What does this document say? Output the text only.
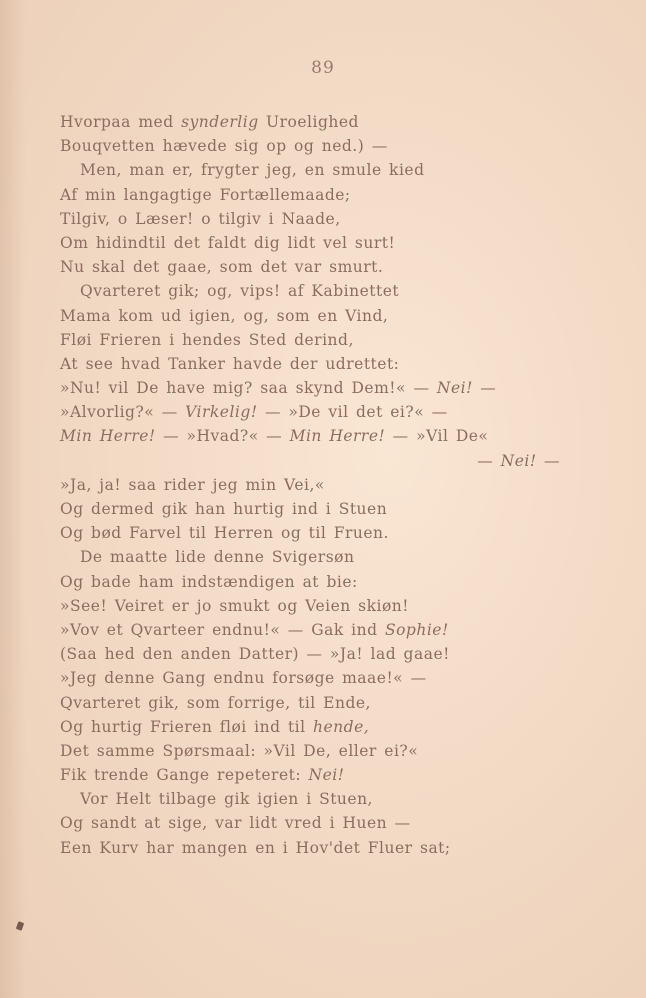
89
Hvorpaa med synderlig Uroelighed
Bouqvetten hævede sig op og ned.) —
Men, man er, frygter jeg, en smule kied
Af min langagtige Fortællemaade;
Tilgiv, o Læser! o tilgiv i Naade,
Om hidindtil det faldt dig lidt vel surt!
Nu skal det gaae, som det var smurt.
Qvarteret gik; og, vips! af Kabinettet
Mama kom ud igien, og, som en Vind,
Fløi Frieren i hendes Sted derind,
At see hvad Tanker havde der udrettet:
»Nu! vil De have mig? saa skynd Dem!« — Nei! —
»Alvorlig?« — Virkelig! — »De vil det ei?« —
Min Herre! — »Hvad?« — Min Herre! — »Vil De«
— Nei! —
»Ja, ja! saa rider jeg min Vei,«
Og dermed gik han hurtig ind i Stuen
Og bød Farvel til Herren og til Fruen.
De maatte lide denne Svigersøn
Og bade ham indstændigen at bie:
»See! Veiret er jo smukt og Veien skiøn!
»Vov et Qvarteer endnu!« — Gak ind Sophie!
(Saa hed den anden Datter) — »Ja! lad gaae!
»Jeg denne Gang endnu forsøge maae!« —
Qvarteret gik, som forrige, til Ende,
Og hurtig Frieren fløi ind til hende,
Det samme Spørsmaal: »Vil De, eller ei?«
Fik trende Gange repeteret: Nei!
Vor Helt tilbage gik igien i Stuen,
Og sandt at sige, var lidt vred i Huen —
Een Kurv har mangen en i Hov'det Fluer sat;
